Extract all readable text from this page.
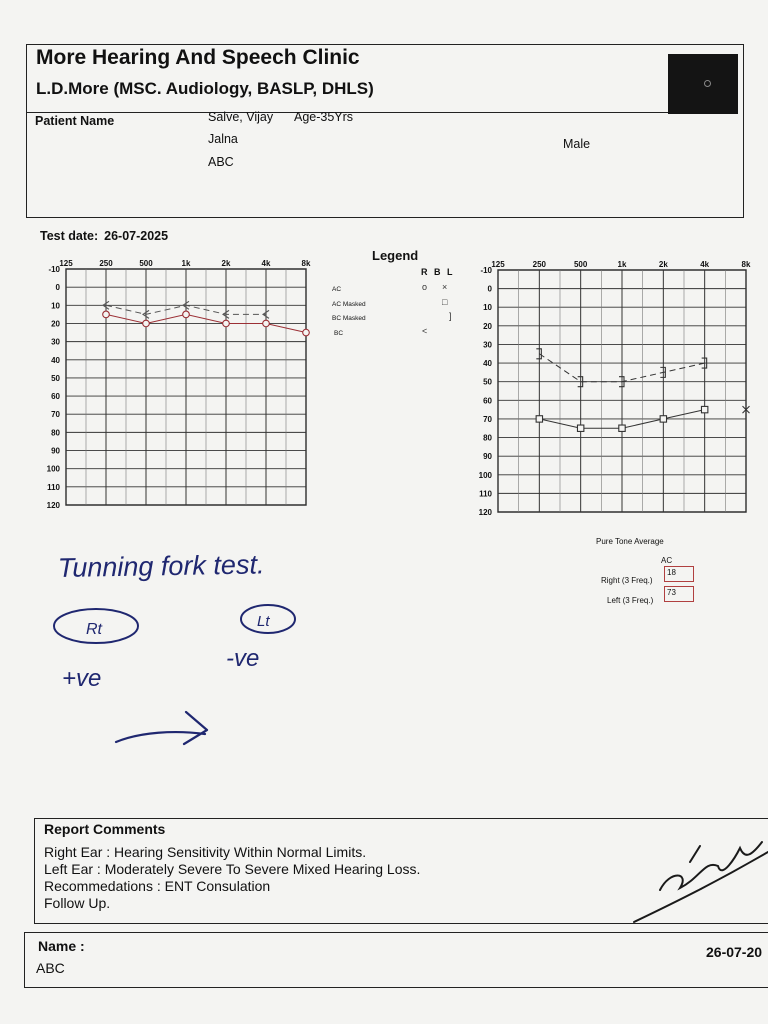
More Hearing And Speech Clinic
L.D.More (MSC. Audiology, BASLP, DHLS)
Patient Name	Salve, Vijay Age-35Yrs
Jalna
ABC
Male
Test date: 26-07-2025
125	250	500	1k	2k	4k	8k
-10
0
10
20
30
40
50
60
70
80
90
100
110
120
125	250	500	1k	2k	4k	8k
-10
0
10
20
30
40
50
60
70
80
90
100
110
120
Legend
R B L
AC	o ×
AC Masked	□
BC Masked	]
BC	<
Tunning fork test.
Rt	Lt
+ve
-ve
Pure Tone Average
AC
Right (3 Freq.)
18
Left (3 Freq.)
73
Report Comments
Right Ear : Hearing Sensitivity Within Normal Limits.
Left Ear : Moderately Severe To Severe Mixed Hearing Loss.
Recommedations : ENT Consulation
Follow Up.
Name :
ABC
26-07-20
